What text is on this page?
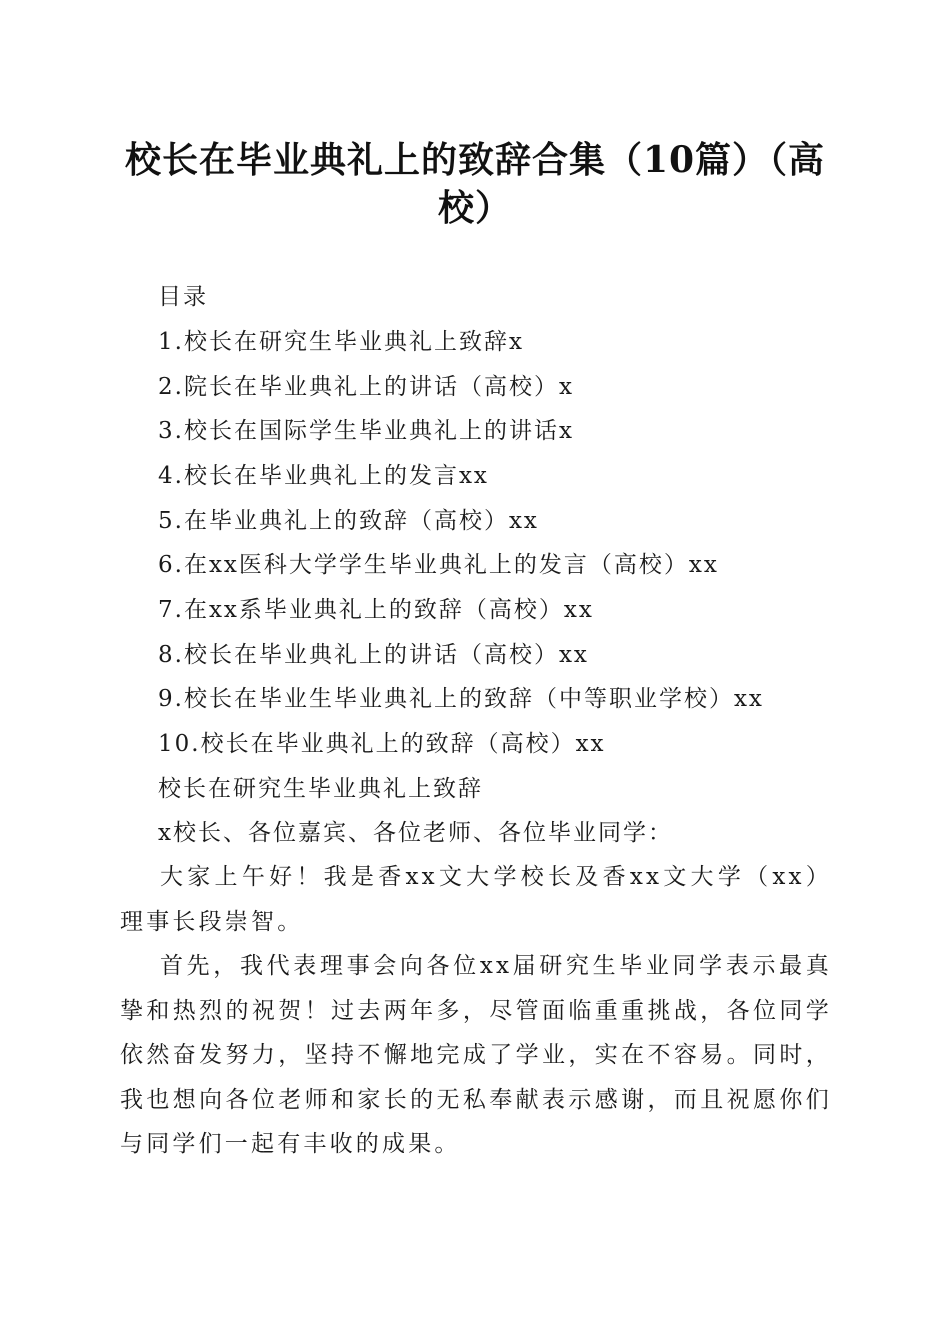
校长在毕业典礼上的致辞合集（10篇）（高校）

目录

1.校长在研究生毕业典礼上致辞x

2.院长在毕业典礼上的讲话（高校）x

3.校长在国际学生毕业典礼上的讲话x

4.校长在毕业典礼上的发言xx

5.在毕业典礼上的致辞（高校）xx

6.在xx医科大学学生毕业典礼上的发言（高校）xx

7.在xx系毕业典礼上的致辞（高校）xx

8.校长在毕业典礼上的讲话（高校）xx

9.校长在毕业生毕业典礼上的致辞（中等职业学校）xx

10.校长在毕业典礼上的致辞（高校）xx

校长在研究生毕业典礼上致辞

x校长、各位嘉宾、各位老师、各位毕业同学：

大家上午好！我是香xx文大学校长及香xx文大学（xx）理事长段崇智。

首先，我代表理事会向各位xx届研究生毕业同学表示最真挚和热烈的祝贺！过去两年多，尽管面临重重挑战，各位同学依然奋发努力，坚持不懈地完成了学业，实在不容易。同时，我也想向各位老师和家长的无私奉献表示感谢，而且祝愿你们与同学们一起有丰收的成果。
